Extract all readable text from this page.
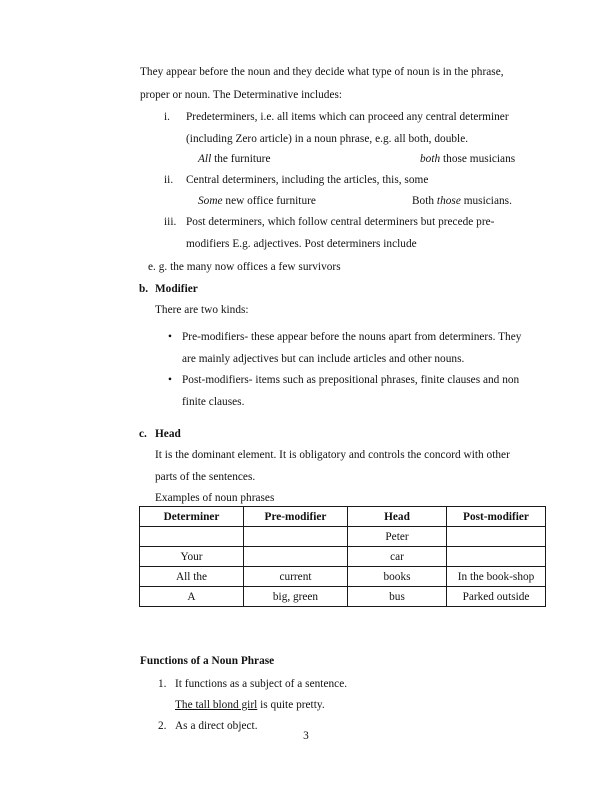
They appear before the noun and they decide what type of noun is in the phrase,
proper or noun. The Determinative includes:
i. Predeterminers, i.e. all items which can proceed any central determiner
(including Zero article) in a noun phrase, e.g. all both, double.
All the furniture	both those musicians
ii. Central determiners, including the articles, this, some
Some new office furniture	Both those musicians.
iii. Post determiners, which follow central determiners but precede pre-
modifiers E.g. adjectives. Post determiners include
e. g. the many now offices a few survivors
b. Modifier
There are two kinds:
• Pre-modifiers- these appear before the nouns apart from determiners. They
are mainly adjectives but can include articles and other nouns.
• Post-modifiers- items such as prepositional phrases, finite clauses and non
finite clauses.
c. Head
It is the dominant element. It is obligatory and controls the concord with other
parts of the sentences.
Examples of noun phrases
Determiner	Pre-modifier	Head	Post-modifier
		Peter	
Your		car	
All the	current	books	In the book-shop
A	big, green	bus	Parked outside
Functions of a Noun Phrase
1. It functions as a subject of a sentence.
The tall blond girl is quite pretty.
2. As a direct object.
3
